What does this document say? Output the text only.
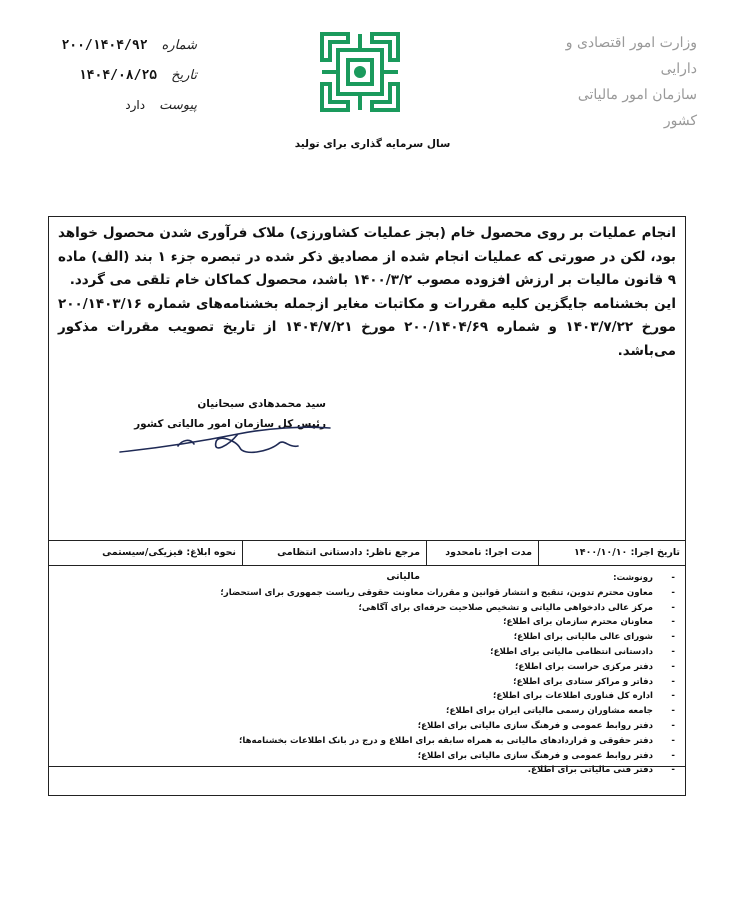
شماره
۲۰۰/۱۴۰۴/۹۲
تاریخ
۱۴۰۴/۰۸/۲۵
پیوست
دارد
وزارت امور اقتصادی و دارایی
سازمان امور مالیاتی
کشور
سال سرمایه گذاری برای تولید

انجام عملیات بر روی محصول خام (بجز عملیات کشاورزی) ملاک فرآوری شدن محصول خواهد بود، لکن در صورتی که عملیات انجام شده از مصادیق ذکر شده در تبصره جزء ۱ بند (الف) ماده ۹ قانون مالیات بر ارزش افزوده مصوب ۱۴۰۰/۳/۲ باشد، محصول کماکان خام تلقی می گردد.

این بخشنامه جایگزین کلیه مقررات و مکاتبات مغایر ازجمله بخشنامه‌های شماره ۲۰۰/۱۴۰۳/۱۶ مورخ ۱۴۰۳/۷/۲۲ و شماره ۲۰۰/۱۴۰۴/۶۹ مورخ ۱۴۰۴/۷/۲۱ از تاریخ تصویب مقررات مذکور می‌باشد.

سید محمدهادی سبحانیان
رئیس کل سازمان امور مالیاتی کشور
تاریخ اجرا: ۱۴۰۰/۱۰/۱۰
مدت اجرا: نامحدود
مرجع ناظر: دادستانی انتظامی مالیاتی
نحوه ابلاغ: فیزیکی/سیستمی
-رونوشت:
-معاون محترم تدوین، تنقیح و انتشار قوانین و مقررات معاونت حقوقی ریاست جمهوری برای استحضار؛
-مرکز عالی دادخواهی مالیاتی و تشخیص صلاحیت حرفه‌ای برای آگاهی؛
-معاونان محترم سازمان برای اطلاع؛
-شورای عالی مالیاتی برای اطلاع؛
-دادستانی انتظامی مالیاتی برای اطلاع؛
-دفتر مرکزی حراست برای اطلاع؛
-دفاتر و مراکز ستادی برای اطلاع؛
-اداره کل فناوری اطلاعات برای اطلاع؛
-جامعه مشاوران رسمی مالیاتی ایران برای اطلاع؛
-دفتر روابط عمومی و فرهنگ سازی مالیاتی برای اطلاع؛
-دفتر حقوقی و قراردادهای مالیاتی به همراه سابقه برای اطلاع و درج در بانک اطلاعات بخشنامه‌ها؛
-دفتر روابط عمومی و فرهنگ سازی مالیاتی برای اطلاع؛
-دفتر فنی مالیاتی برای اطلاع.
